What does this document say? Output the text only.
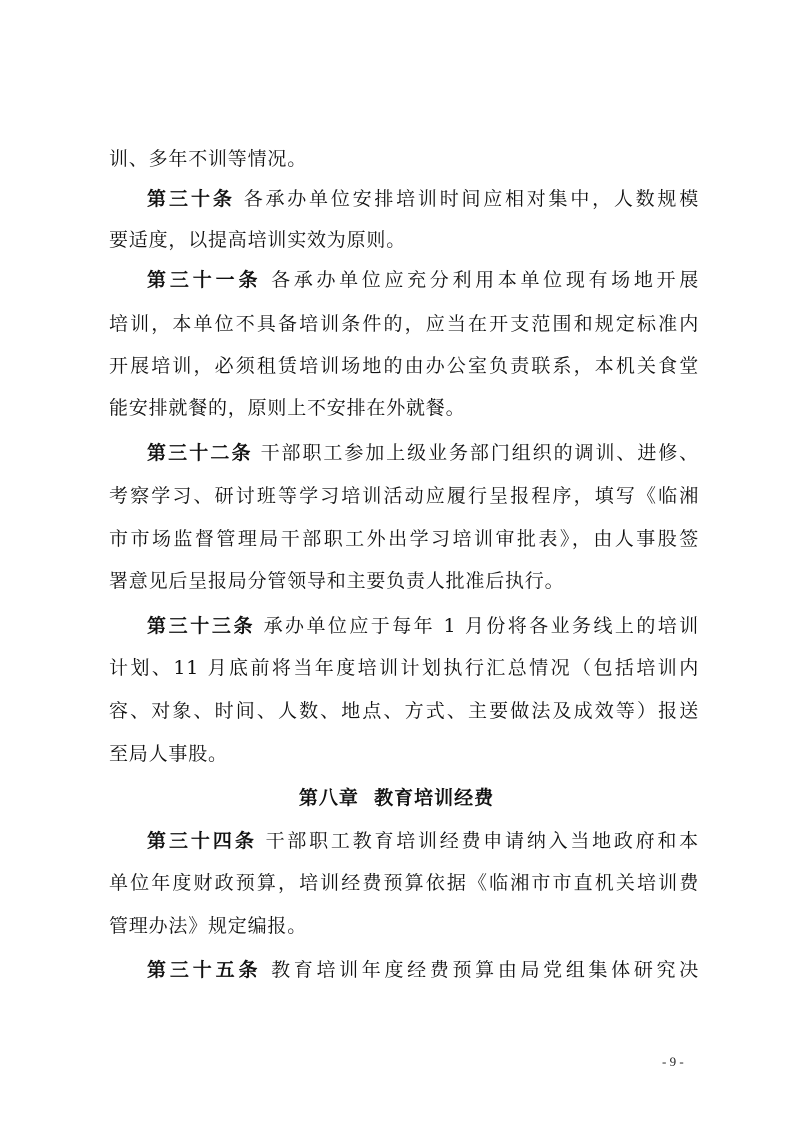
训、多年不训等情况。
第三十条 各承办单位安排培训时间应相对集中，人数规模
要适度，以提高培训实效为原则。
第三十一条 各承办单位应充分利用本单位现有场地开展
培训，本单位不具备培训条件的，应当在开支范围和规定标准内
开展培训，必须租赁培训场地的由办公室负责联系，本机关食堂
能安排就餐的，原则上不安排在外就餐。
第三十二条 干部职工参加上级业务部门组织的调训、进修、
考察学习、研讨班等学习培训活动应履行呈报程序，填写《临湘
市市场监督管理局干部职工外出学习培训审批表》，由人事股签
署意见后呈报局分管领导和主要负责人批准后执行。
第三十三条 承办单位应于每年 1 月份将各业务线上的培训
计划、11 月底前将当年度培训计划执行汇总情况（包括培训内
容、对象、时间、人数、地点、方式、主要做法及成效等）报送
至局人事股。
第八章  教育培训经费
第三十四条 干部职工教育培训经费申请纳入当地政府和本
单位年度财政预算，培训经费预算依据《临湘市市直机关培训费
管理办法》规定编报。
第三十五条 教育培训年度经费预算由局党组集体研究决
- 9 -
